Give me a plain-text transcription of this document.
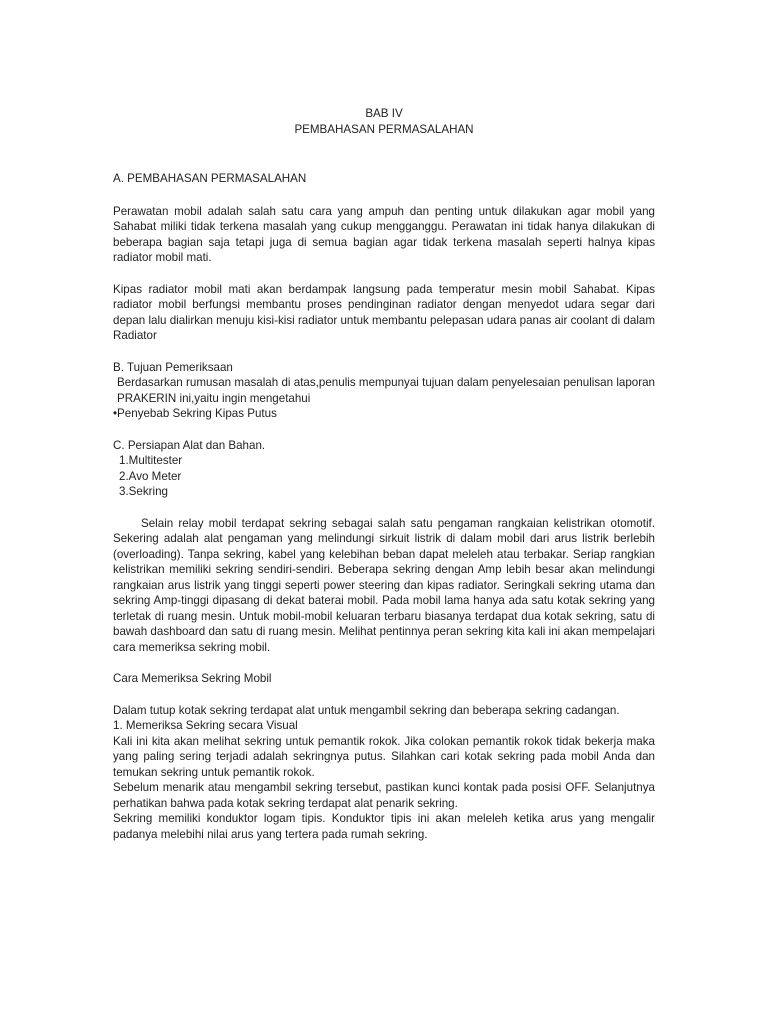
BAB IV
PEMBAHASAN PERMASALAHAN

A. PEMBAHASAN PERMASALAHAN

Perawatan mobil adalah salah satu cara yang ampuh dan penting untuk dilakukan agar mobil yang Sahabat miliki tidak terkena masalah yang cukup mengganggu. Perawatan ini tidak hanya dilakukan di beberapa bagian saja tetapi juga di semua bagian agar tidak terkena masalah seperti halnya kipas radiator mobil mati.

Kipas radiator mobil mati akan berdampak langsung pada temperatur mesin mobil Sahabat. Kipas radiator mobil berfungsi membantu proses pendinginan radiator dengan menyedot udara segar dari depan lalu dialirkan menuju kisi-kisi radiator untuk membantu pelepasan udara panas air coolant di dalam Radiator

B. Tujuan Pemeriksaan

Berdasarkan rumusan masalah di atas,penulis mempunyai tujuan dalam penyelesaian penulisan laporan PRAKERIN ini,yaitu ingin mengetahui

•Penyebab Sekring Kipas Putus

C. Persiapan Alat dan Bahan.

1.Multitester

2.Avo Meter

3.Sekring

Selain relay mobil terdapat sekring sebagai salah satu pengaman rangkaian kelistrikan otomotif. Sekering adalah alat pengaman yang melindungi sirkuit listrik di dalam mobil dari arus listrik berlebih (overloading). Tanpa sekring, kabel yang kelebihan beban dapat meleleh atau terbakar. Seriap rangkian kelistrikan memiliki sekring sendiri-sendiri. Beberapa sekring dengan Amp lebih besar akan melindungi rangkaian arus listrik yang tinggi seperti power steering dan kipas radiator. Seringkali sekring utama dan sekring Amp-tinggi dipasang di dekat baterai mobil. Pada mobil lama hanya ada satu kotak sekring yang terletak di ruang mesin. Untuk mobil-mobil keluaran terbaru biasanya terdapat dua kotak sekring, satu di bawah dashboard dan satu di ruang mesin. Melihat pentinnya peran sekring kita kali ini akan mempelajari cara memeriksa sekring mobil.

Cara Memeriksa Sekring Mobil

Dalam tutup kotak sekring terdapat alat untuk mengambil sekring dan beberapa sekring cadangan.

1. Memeriksa Sekring secara Visual

Kali ini kita akan melihat sekring untuk pemantik rokok. Jika colokan pemantik rokok tidak bekerja maka yang paling sering terjadi adalah sekringnya putus. Silahkan cari kotak sekring pada mobil Anda dan temukan sekring untuk pemantik rokok.

Sebelum menarik atau mengambil sekring tersebut, pastikan kunci kontak pada posisi OFF. Selanjutnya perhatikan bahwa pada kotak sekring terdapat alat penarik sekring.

Sekring memiliki konduktor logam tipis. Konduktor tipis ini akan meleleh ketika arus yang mengalir padanya melebihi nilai arus yang tertera pada rumah sekring.
